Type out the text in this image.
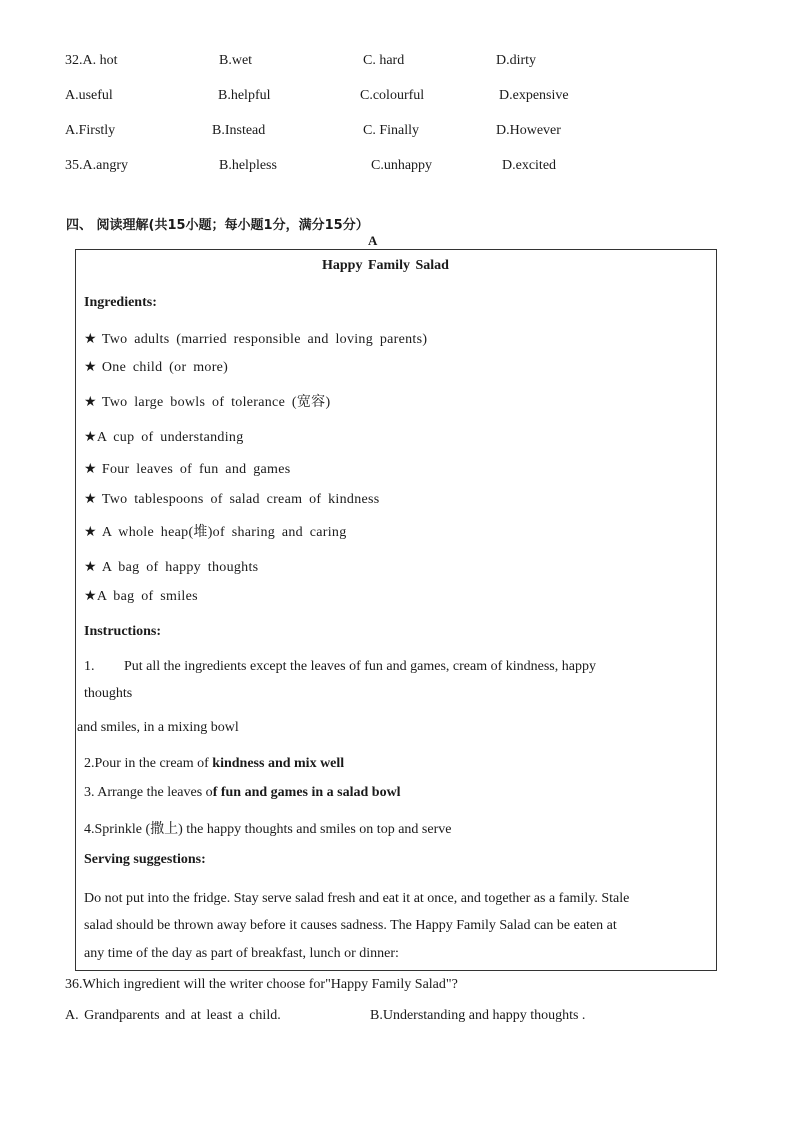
32.A. hot	B.wet	C. hard	D.dirty
A.useful	B.helpful	C.colourful	D.expensive
A.Firstly	B.Instead	C. Finally	D.However
35.A.angry	B.helpless	C.unhappy	D.excited
四、 阅读理解(共15小题；每小题1分，满分15分）
A
Happy Family Salad
Ingredients:
★ Two adults (married responsible and loving parents)
★ One child (or more)
★ Two large bowls of tolerance (宽容)
★A cup of understanding
★ Four leaves of fun and games
★ Two tablespoons of salad cream of kindness
★ A whole heap(堆)of sharing and caring
★ A bag of happy thoughts
★A bag of smiles
Instructions:
1. Put all the ingredients except the leaves of fun and games, cream of kindness, happy
thoughts
and smiles, in a mixing bowl
2.Pour in the cream of kindness and mix well
3. Arrange the leaves of fun and games in a salad bowl
4.Sprinkle (撒上) the happy thoughts and smiles on top and serve
Serving suggestions:
Do not put into the fridge. Stay serve salad fresh and eat it at once, and together as a family. Stale
salad should be thrown away before it causes sadness. The Happy Family Salad can be eaten at
any time of the day as part of breakfast, lunch or dinner:
36.Which ingredient will the writer choose for"Happy Family Salad"?
A. Grandparents and at least a child.	B.Understanding and happy thoughts .
